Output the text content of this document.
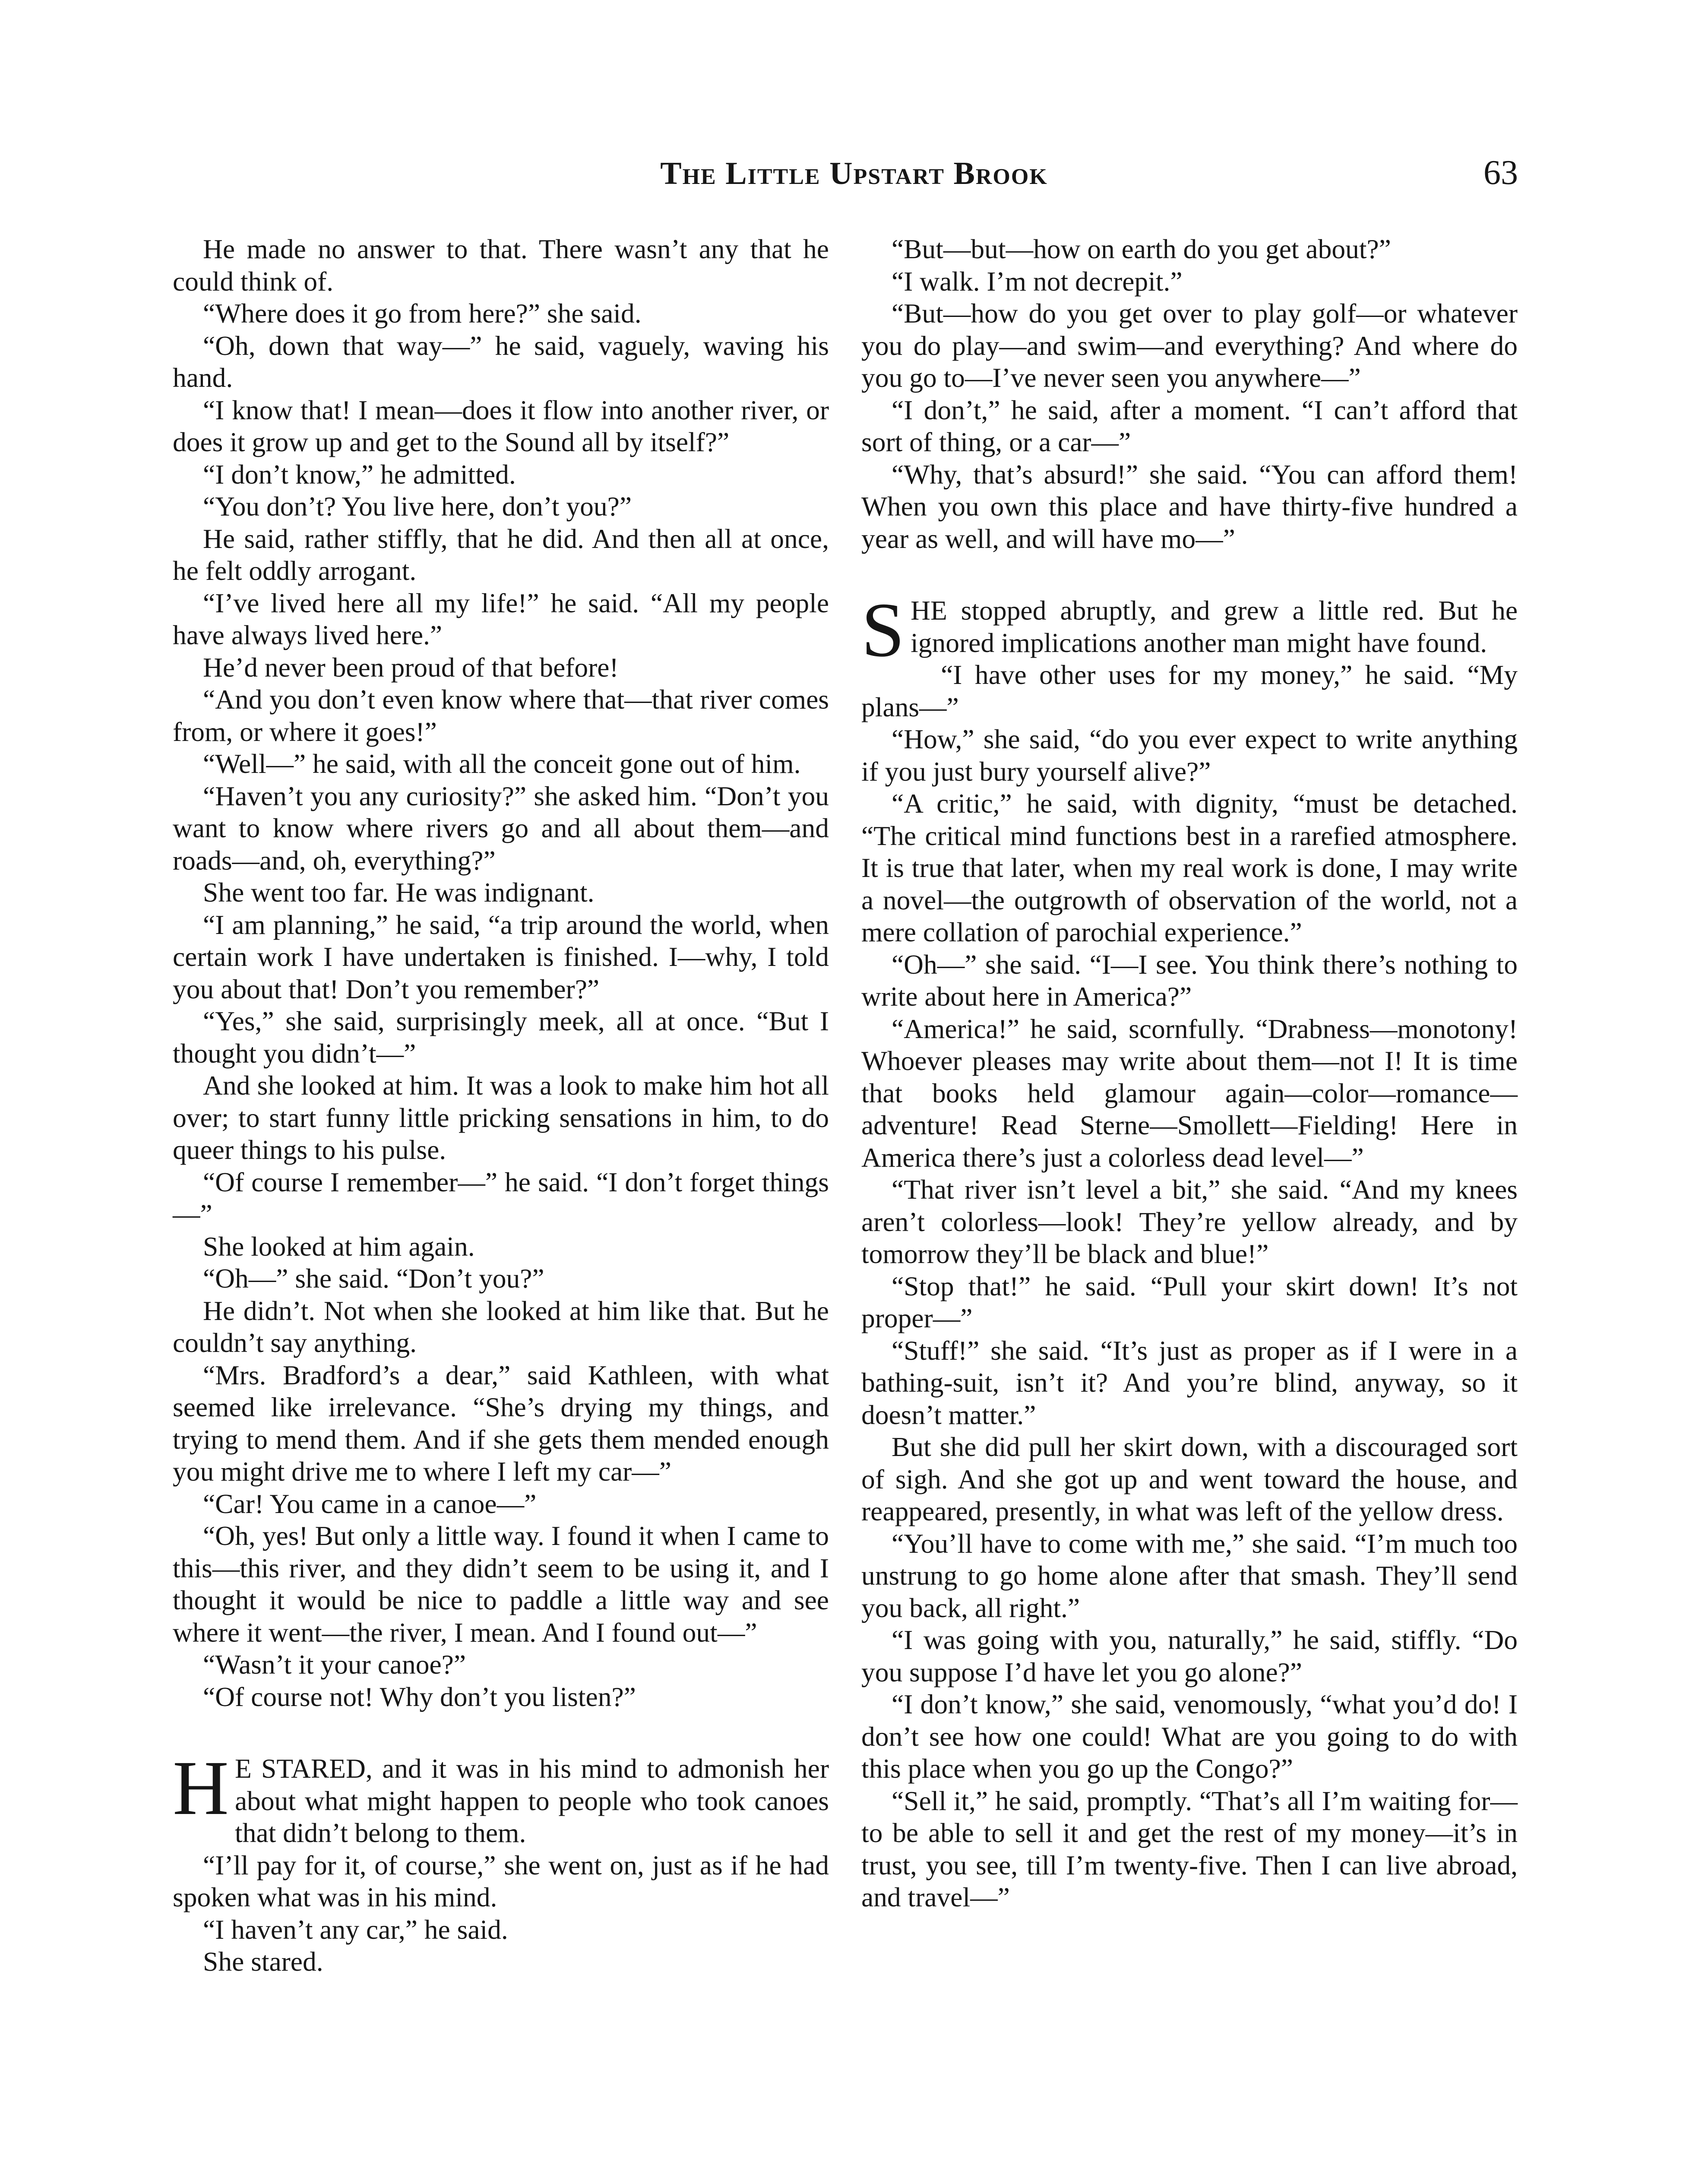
The Little Upstart Brook	63

He made no answer to that. There wasn’t any that he could think of.

“Where does it go from here?” she said.

“Oh, down that way—” he said, vaguely, waving his hand.

“I know that! I mean—does it flow into another river, or does it grow up and get to the Sound all by itself?”

“I don’t know,” he admitted.

“You don’t? You live here, don’t you?”

He said, rather stiffly, that he did. And then all at once, he felt oddly arrogant.

“I’ve lived here all my life!” he said. “All my people have always lived here.”

He’d never been proud of that before!

“And you don’t even know where that—that river comes from, or where it goes!”

“Well—” he said, with all the conceit gone out of him.

“Haven’t you any curiosity?” she asked him. “Don’t you want to know where rivers go and all about them—and roads—and, oh, everything?”

She went too far. He was indignant.

“I am planning,” he said, “a trip around the world, when certain work I have undertaken is finished. I—why, I told you about that! Don’t you remember?”

“Yes,” she said, surprisingly meek, all at once. “But I thought you didn’t—”

And she looked at him. It was a look to make him hot all over; to start funny little pricking sensations in him, to do queer things to his pulse.

“Of course I remember—” he said. “I don’t forget things—”

She looked at him again.

“Oh—” she said. “Don’t you?”

He didn’t. Not when she looked at him like that. But he couldn’t say anything.

“Mrs. Bradford’s a dear,” said Kathleen, with what seemed like irrelevance. “She’s drying my things, and trying to mend them. And if she gets them mended enough you might drive me to where I left my car—”

“Car! You came in a canoe—”

“Oh, yes! But only a little way. I found it when I came to this—this river, and they didn’t seem to be using it, and I thought it would be nice to paddle a little way and see where it went—the river, I mean. And I found out—”

“Wasn’t it your canoe?”

“Of course not! Why don’t you listen?”

H E STARED, and it was in his mind to admonish her about what might happen to people who took canoes that didn’t belong to them.

“I’ll pay for it, of course,” she went on, just as if he had spoken what was in his mind.

“I haven’t any car,” he said.

She stared.

“But—but—how on earth do you get about?”

“I walk. I’m not decrepit.”

“But—how do you get over to play golf—or whatever you do play—and swim—and everything? And where do you go to—I’ve never seen you anywhere—”

“I don’t,” he said, after a moment. “I can’t afford that sort of thing, or a car—”

“Why, that’s absurd!” she said. “You can afford them! When you own this place and have thirty-five hundred a year as well, and will have mo—”

SHE stopped abruptly, and grew a little red. But he ignored implications another man might have found.

“I have other uses for my money,” he said. “My plans—”

“How,” she said, “do you ever expect to write anything if you just bury yourself alive?”

“A critic,” he said, with dignity, “must be detached. “The critical mind functions best in a rarefied atmosphere. It is true that later, when my real work is done, I may write a novel—the outgrowth of observation of the world, not a mere collation of parochial experience.”

“Oh—” she said. “I—I see. You think there’s nothing to write about here in America?”

“America!” he said, scornfully. “Drabness—monotony! Whoever pleases may write about them—not I! It is time that books held glamour again—color—romance—adventure! Read Sterne—Smollett—Fielding! Here in America there’s just a colorless dead level—”

“That river isn’t level a bit,” she said. “And my knees aren’t colorless—look! They’re yellow already, and by tomorrow they’ll be black and blue!”

“Stop that!” he said. “Pull your skirt down! It’s not proper—”

“Stuff!” she said. “It’s just as proper as if I were in a bathing-suit, isn’t it? And you’re blind, anyway, so it doesn’t matter.”

But she did pull her skirt down, with a discouraged sort of sigh. And she got up and went toward the house, and reappeared, presently, in what was left of the yellow dress.

“You’ll have to come with me,” she said. “I’m much too unstrung to go home alone after that smash. They’ll send you back, all right.”

“I was going with you, naturally,” he said, stiffly. “Do you suppose I’d have let you go alone?”

“I don’t know,” she said, venomously, “what you’d do! I don’t see how one could! What are you going to do with this place when you go up the Congo?”

“Sell it,” he said, promptly. “That’s all I’m waiting for—to be able to sell it and get the rest of my money—it’s in trust, you see, till I’m twenty-five. Then I can live abroad, and travel—”
